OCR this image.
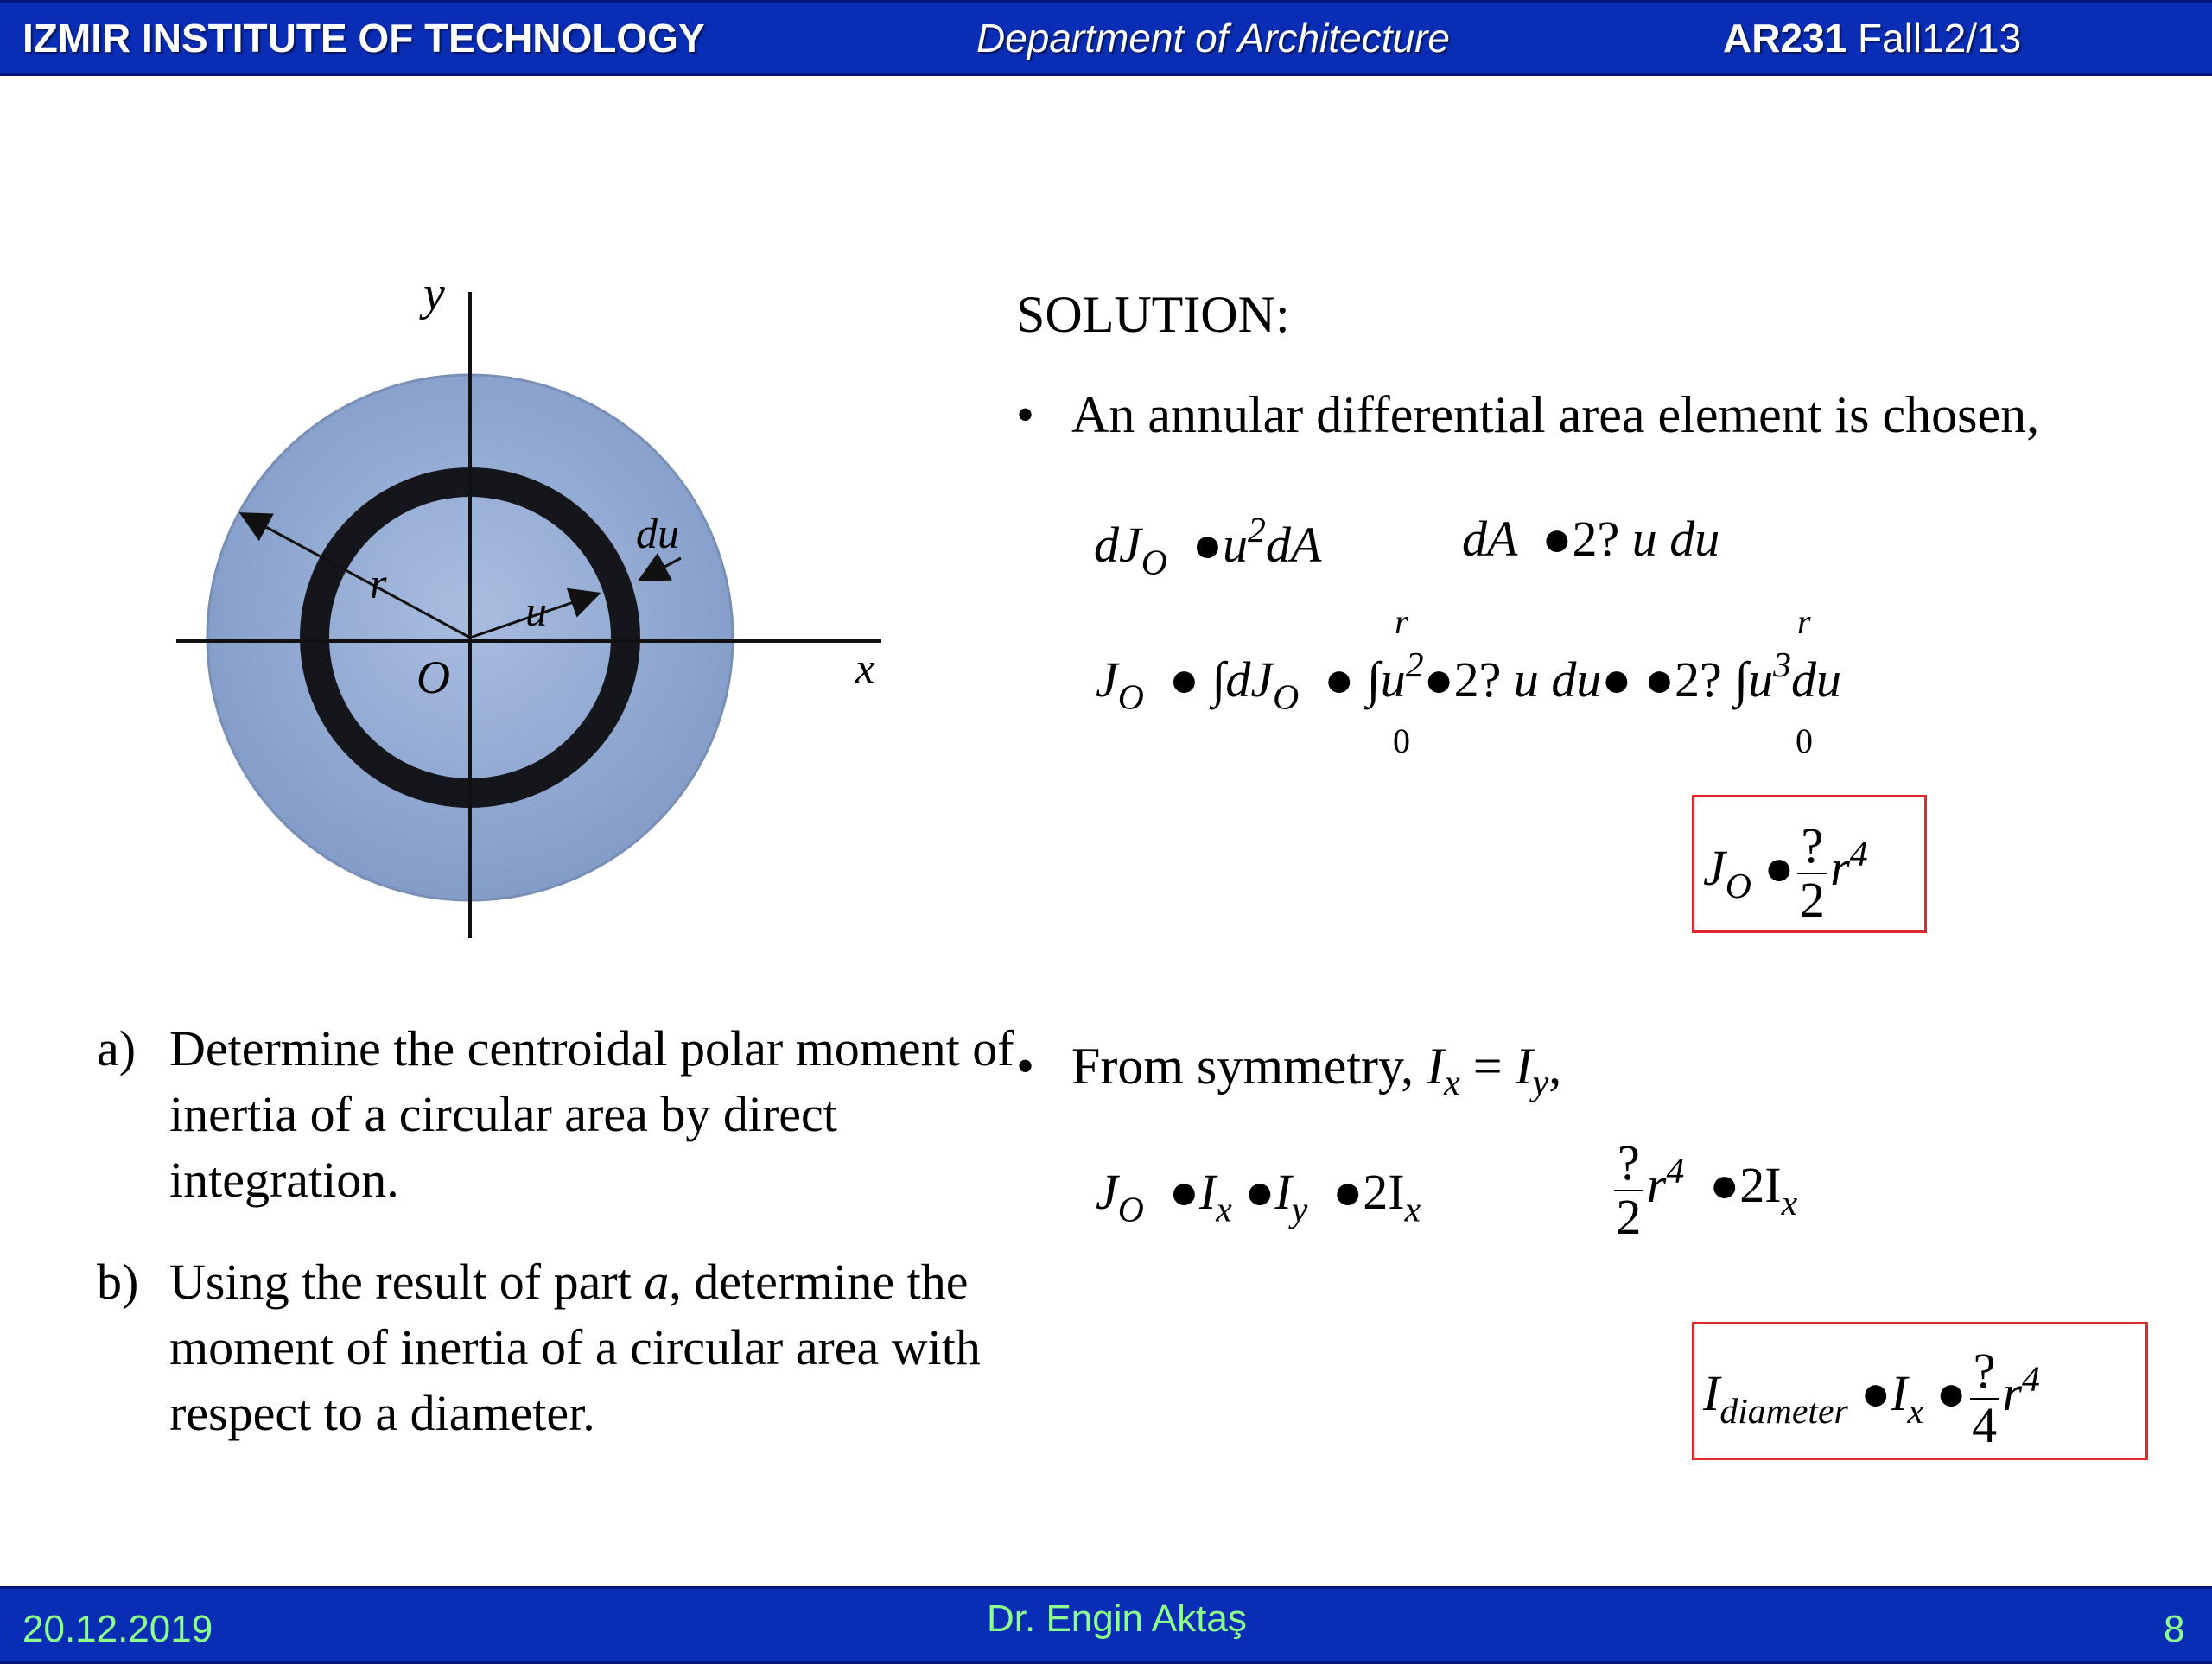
IZMIR INSTITUTE OF TECHNOLOGY	Department of Architecture	AR231 Fall12/13
y
x
O
r
u
du
SOLUTION:
• An annular differential area element is chosen,
$dJ_O$  $●u^2dA$	dA  ●2? u du
$J_O$  ● $\int dJ_O$  ● $\int u^2●2$? u du● ●2? $\int u^3du$
r
0
r
0
$J_O$ ● $\frac{?}{2} r^4$
• From symmetry, $I_x = I_y$,
$J_O$  $●I_x$ $●I_y$  $●2I_x$	$\frac{?}{2} r^4$  $●2I_x$
$I_{diameter}$ $●I_x$ ● $\frac{?}{4} r^4$
a) Determine the centroidal polar moment of inertia of a circular area by direct integration.
b) Using the result of part a, determine the moment of inertia of a circular area with respect to a diameter.
20.12.2019	Dr. Engin Aktaş	8
